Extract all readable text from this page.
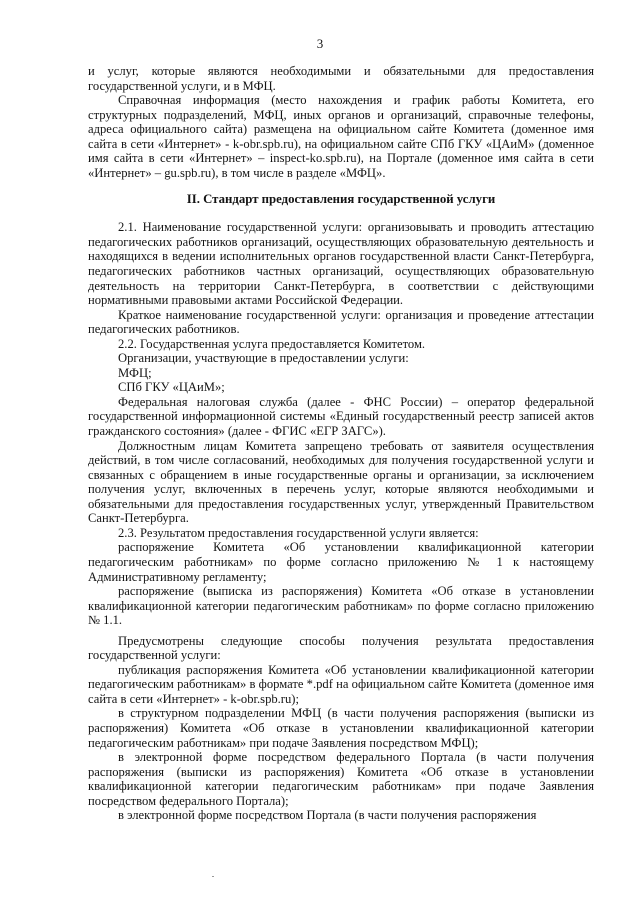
3

и услуг, которые являются необходимыми и обязательными для предоставления государственной услуги, и в МФЦ.

Справочная информация (место нахождения и график работы Комитета, его структурных подразделений, МФЦ, иных органов и организаций, справочные телефоны, адреса официального сайта) размещена на официальном сайте Комитета (доменное имя сайта в сети «Интернет» - k-obr.spb.ru), на официальном сайте СПб ГКУ «ЦАиМ» (доменное имя сайта в сети «Интернет» – inspect-ko.spb.ru), на Портале (доменное имя сайта в сети «Интернет» – gu.spb.ru), в том числе в разделе «МФЦ».

II. Стандарт предоставления государственной услуги

2.1. Наименование государственной услуги: организовывать и проводить аттестацию педагогических работников организаций, осуществляющих образовательную деятельность и находящихся в ведении исполнительных органов государственной власти Санкт-Петербурга, педагогических работников частных организаций, осуществляющих образовательную деятельность на территории Санкт-Петербурга, в соответствии с действующими нормативными правовыми актами Российской Федерации.

Краткое наименование государственной услуги: организация и проведение аттестации педагогических работников.

2.2. Государственная услуга предоставляется Комитетом.

Организации, участвующие в предоставлении услуги:

МФЦ;

СПб ГКУ «ЦАиМ»;

Федеральная налоговая служба (далее - ФНС России) – оператор федеральной государственной информационной системы «Единый государственный реестр записей актов гражданского состояния» (далее - ФГИС «ЕГР ЗАГС»).

Должностным лицам Комитета запрещено требовать от заявителя осуществления действий, в том числе согласований, необходимых для получения государственной услуги и связанных с обращением в иные государственные органы и организации, за исключением получения услуг, включенных в перечень услуг, которые являются необходимыми и обязательными для предоставления государственных услуг, утвержденный Правительством Санкт-Петербурга.

2.3. Результатом предоставления государственной услуги является:

распоряжение Комитета «Об установлении квалификационной категории педагогическим работникам» по форме согласно приложению № 1 к настоящему Административному регламенту;

распоряжение (выписка из распоряжения) Комитета «Об отказе в установлении квалификационной категории педагогическим работникам» по форме согласно приложению № 1.1.

Предусмотрены следующие способы получения результата предоставления государственной услуги:

публикация распоряжения Комитета «Об установлении квалификационной категории педагогическим работникам» в формате *.pdf на официальном сайте Комитета (доменное имя сайта в сети «Интернет» - k-obr.spb.ru);

в структурном подразделении МФЦ (в части получения распоряжения (выписки из распоряжения) Комитета «Об отказе в установлении квалификационной категории педагогическим работникам» при подаче Заявления посредством МФЦ);

в электронной форме посредством федерального Портала (в части получения распоряжения (выписки из распоряжения) Комитета «Об отказе в установлении квалификационной категории педагогическим работникам» при подаче Заявления посредством федерального Портала);

в электронной форме посредством Портала (в части получения распоряжения
